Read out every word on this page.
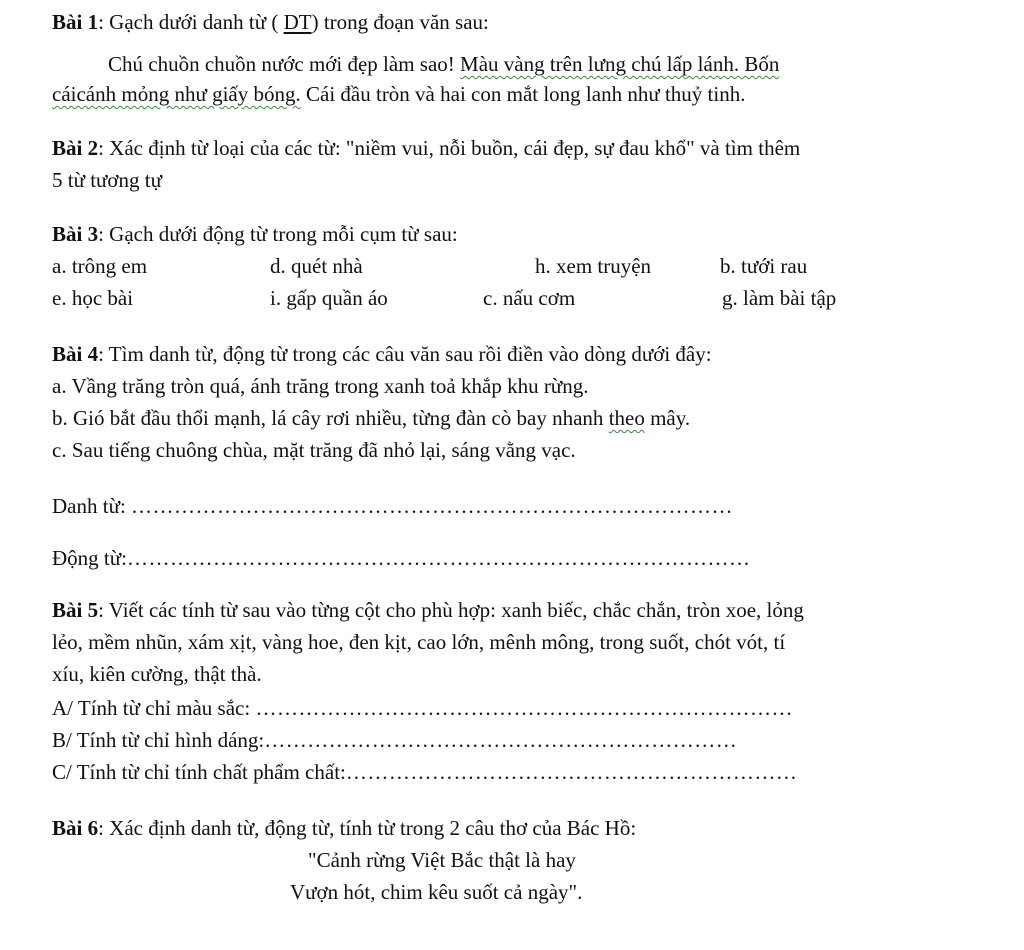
Bài 1: Gạch dưới danh từ ( DT) trong đoạn văn sau:
Chú chuồn chuồn nước mới đẹp làm sao! Màu vàng trên lưng chú lấp lánh. Bốn
cáicánh mỏng như giấy bóng. Cái đầu tròn và hai con mắt long lanh như thuỷ tinh.
Bài 2: Xác định từ loại của các từ: "niềm vui, nỗi buồn, cái đẹp, sự đau khổ" và tìm thêm
5 từ tương tự
Bài 3: Gạch dưới động từ trong mỗi cụm từ sau:
a. trông em	d. quét nhà	h. xem truyện	b. tưới rau
e. học bài	i. gấp quần áo	c. nấu cơm	g. làm bài tập
Bài 4: Tìm danh từ, động từ trong các câu văn sau rồi điền vào dòng dưới đây:
a. Vầng trăng tròn quá, ánh trăng trong xanh toả khắp khu rừng.
b. Gió bắt đầu thổi mạnh, lá cây rơi nhiều, từng đàn cò bay nhanh theo mây.
c. Sau tiếng chuông chùa, mặt trăng đã nhỏ lại, sáng vằng vạc.
Danh từ: …………………………………………………………………………
Động từ:……………………………………………………………………………
Bài 5: Viết các tính từ sau vào từng cột cho phù hợp: xanh biếc, chắc chắn, tròn xoe, lỏng
lẻo, mềm nhũn, xám xịt, vàng hoe, đen kịt, cao lớn, mênh mông, trong suốt, chót vót, tí
xíu, kiên cường, thật thà.
A/ Tính từ chỉ màu sắc: …………………………………………………………………
B/ Tính từ chỉ hình dáng:…………………………………………………………
C/ Tính từ chỉ tính chất phẩm chất:………………………………………………………
Bài 6: Xác định danh từ, động từ, tính từ trong 2 câu thơ của Bác Hồ:
"Cảnh rừng Việt Bắc thật là hay
Vượn hót, chim kêu suốt cả ngày".
